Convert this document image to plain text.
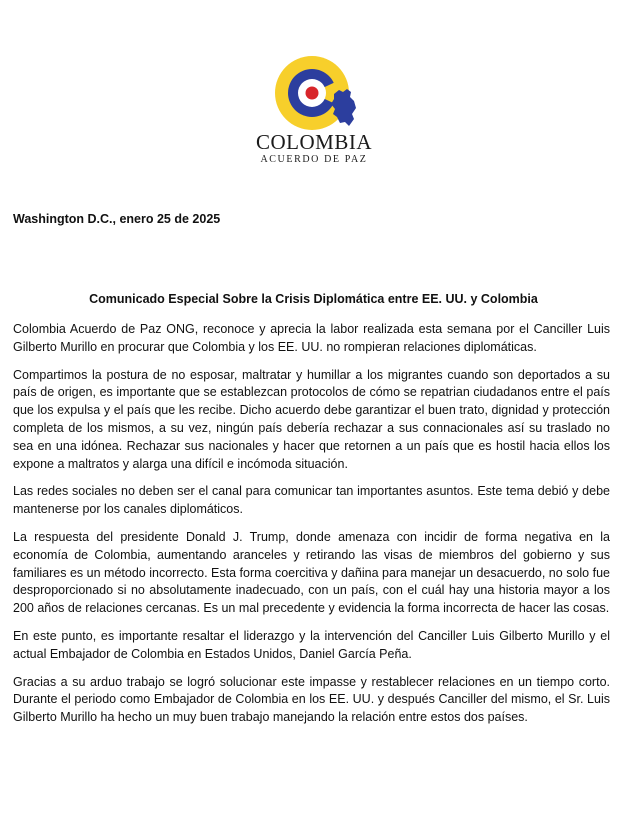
COLOMBIA
ACUERDO DE PAZ
Washington D.C., enero 25 de 2025
Comunicado Especial Sobre la Crisis Diplomática entre EE. UU. y Colombia

Colombia Acuerdo de Paz ONG, reconoce y aprecia la labor realizada esta semana por el Canciller Luis Gilberto Murillo en procurar que Colombia y los EE. UU. no rompieran relaciones diplomáticas.

Compartimos la postura de no esposar, maltratar y humillar a los migrantes cuando son deportados a su país de origen, es importante que se establezcan protocolos de cómo se repatrian ciudadanos entre el país que los expulsa y el país que les recibe. Dicho acuerdo debe garantizar el buen trato, dignidad y protección completa de los mismos, a su vez, ningún país debería rechazar a sus connacionales así su traslado no sea en una idónea. Rechazar sus nacionales y hacer que retornen a un país que es hostil hacia ellos los expone a maltratos y alarga una difícil e incómoda situación.

Las redes sociales no deben ser el canal para comunicar tan importantes asuntos. Este tema debió y debe mantenerse por los canales diplomáticos.

La respuesta del presidente Donald J. Trump, donde amenaza con incidir de forma negativa en la economía de Colombia, aumentando aranceles y retirando las visas de miembros del gobierno y sus familiares es un método incorrecto. Esta forma coercitiva y dañina para manejar un desacuerdo, no solo fue desproporcionado si no absolutamente inadecuado, con un país, con el cuál hay una historia mayor a los 200 años de relaciones cercanas. Es un mal precedente y evidencia la forma incorrecta de hacer las cosas.

En este punto, es importante resaltar el liderazgo y la intervención del Canciller Luis Gilberto Murillo y el actual Embajador de Colombia en Estados Unidos, Daniel García Peña.

Gracias a su arduo trabajo se logró solucionar este impasse y restablecer relaciones en un tiempo corto. Durante el periodo como Embajador de Colombia en los EE. UU. y después Canciller del mismo, el Sr. Luis Gilberto Murillo ha hecho un muy buen trabajo manejando la relación entre estos dos países.
